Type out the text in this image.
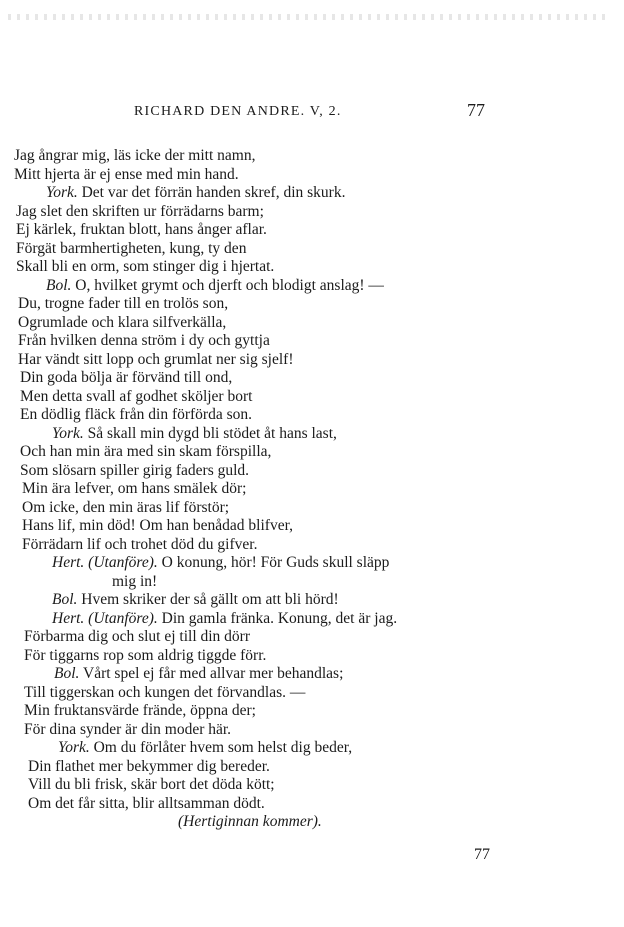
RICHARD DEN ANDRE. V, 2.	77
Jag ångrar mig, läs icke der mitt namn,
Mitt hjerta är ej ense med min hand.
York. Det var det förrän handen skref, din skurk.
Jag slet den skriften ur förrädarns barm;
Ej kärlek, fruktan blott, hans ånger aflar.
Förgät barmhertigheten, kung, ty den
Skall bli en orm, som stinger dig i hjertat.
Bol. O, hvilket grymt och djerft och blodigt anslag! —
Du, trogne fader till en trolös son,
Ogrumlade och klara silfverkälla,
Från hvilken denna ström i dy och gyttja
Har vändt sitt lopp och grumlat ner sig sjelf!
Din goda bölja är förvänd till ond,
Men detta svall af godhet sköljer bort
En dödlig fläck från din förförda son.
York. Så skall min dygd bli stödet åt hans last,
Och han min ära med sin skam förspilla,
Som slösarn spiller girig faders guld.
Min ära lefver, om hans smälek dör;
Om icke, den min äras lif förstör;
Hans lif, min död! Om han benådad blifver,
Förrädarn lif och trohet död du gifver.
Hert. (Utanföre). O konung, hör! För Guds skull släpp
mig in!
Bol. Hvem skriker der så gällt om att bli hörd!
Hert. (Utanföre). Din gamla fränka. Konung, det är jag.
Förbarma dig och slut ej till din dörr
För tiggarns rop som aldrig tiggde förr.
Bol. Vårt spel ej får med allvar mer behandlas;
Till tiggerskan och kungen det förvandlas. —
Min fruktansvärde frände, öppna der;
För dina synder är din moder här.
York. Om du förlåter hvem som helst dig beder,
Din flathet mer bekymmer dig bereder.
Vill du bli frisk, skär bort det döda kött;
Om det får sitta, blir alltsamman dödt.
(Hertiginnan kommer).
77
